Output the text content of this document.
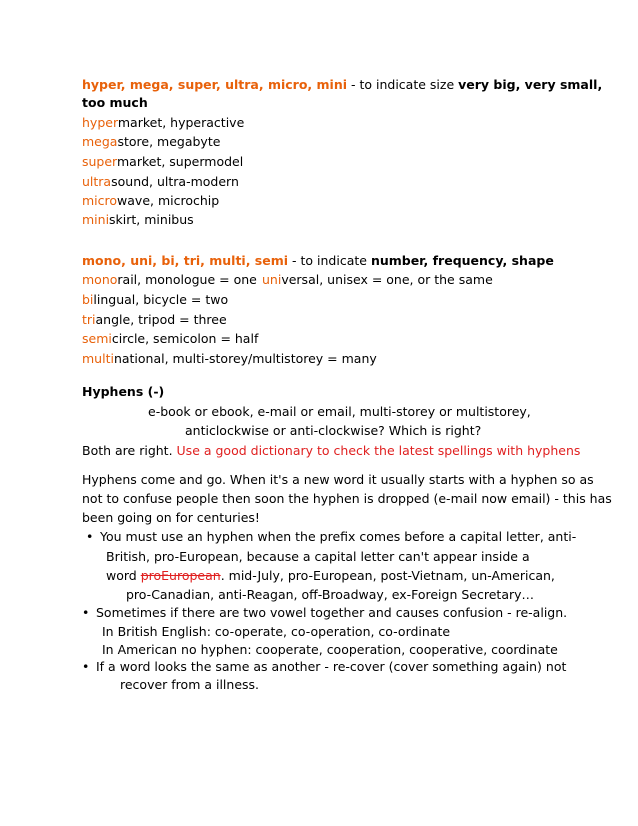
hyper, mega, super, ultra, micro, mini - to indicate size very big, very small,
too much
hypermarket, hyperactive
megastore, megabyte
supermarket, supermodel
ultrasound, ultra-modern
microwave, microchip
miniskirt, minibus
mono, uni, bi, tri, multi, semi - to indicate number, frequency, shape
monorail, monologue = one universal, unisex = one, or the same
bilingual, bicycle = two
triangle, tripod = three
semicircle, semicolon = half
multinational, multi-storey/multistorey = many
Hyphens (-)
e-book or ebook, e-mail or email, multi-storey or multistorey,
anticlockwise or anti-clockwise? Which is right?
Both are right. Use a good dictionary to check the latest spellings with hyphens
Hyphens come and go. When it's a new word it usually starts with a hyphen so as
not to confuse people then soon the hyphen is dropped (e-mail now email) - this has
been going on for centuries!
• You must use an hyphen when the prefix comes before a capital letter, anti-
British, pro-European, because a capital letter can't appear inside a
word proEuropean. mid-July, pro-European, post-Vietnam, un-American,
pro-Canadian, anti-Reagan, off-Broadway, ex-Foreign Secretary…
• Sometimes if there are two vowel together and causes confusion - re-align.
In British English: co-operate, co-operation, co-ordinate
In American no hyphen: cooperate, cooperation, cooperative, coordinate
• If a word looks the same as another - re-cover (cover something again) not
recover from a illness.
